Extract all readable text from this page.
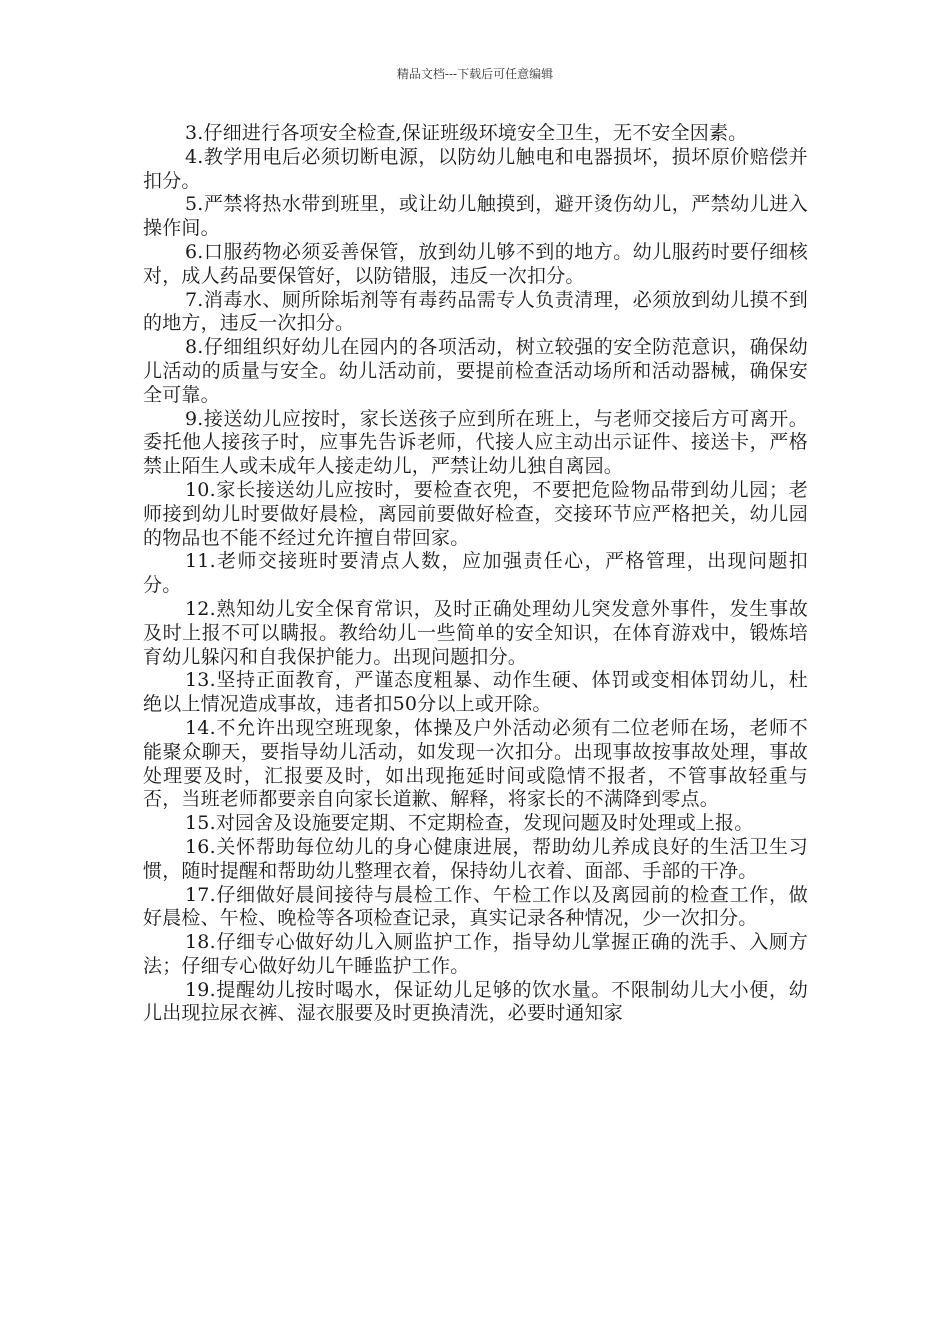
精品文档---下载后可任意编辑

3.仔细进行各项安全检查,保证班级环境安全卫生，无不安全因素。

4.教学用电后必须切断电源，以防幼儿触电和电器损坏，损坏原价赔偿并扣分。

5.严禁将热水带到班里，或让幼儿触摸到，避开烫伤幼儿，严禁幼儿进入操作间。

6.口服药物必须妥善保管，放到幼儿够不到的地方。幼儿服药时要仔细核对，成人药品要保管好，以防错服，违反一次扣分。

7.消毒水、厕所除垢剂等有毒药品需专人负责清理，必须放到幼儿摸不到的地方，违反一次扣分。

8.仔细组织好幼儿在园内的各项活动，树立较强的安全防范意识，确保幼儿活动的质量与安全。幼儿活动前，要提前检查活动场所和活动器械，确保安全可靠。

9.接送幼儿应按时，家长送孩子应到所在班上，与老师交接后方可离开。委托他人接孩子时，应事先告诉老师，代接人应主动出示证件、接送卡，严格禁止陌生人或未成年人接走幼儿，严禁让幼儿独自离园。

10.家长接送幼儿应按时，要检查衣兜，不要把危险物品带到幼儿园；老师接到幼儿时要做好晨检，离园前要做好检查，交接环节应严格把关，幼儿园的物品也不能不经过允许擅自带回家。

11.老师交接班时要清点人数，应加强责任心，严格管理，出现问题扣分。

12.熟知幼儿安全保育常识，及时正确处理幼儿突发意外事件，发生事故及时上报不可以瞒报。教给幼儿一些简单的安全知识，在体育游戏中，锻炼培育幼儿躲闪和自我保护能力。出现问题扣分。

13.坚持正面教育，严谨态度粗暴、动作生硬、体罚或变相体罚幼儿，杜绝以上情况造成事故，违者扣50分以上或开除。

14.不允许出现空班现象，体操及户外活动必须有二位老师在场，老师不能聚众聊天，要指导幼儿活动，如发现一次扣分。出现事故按事故处理，事故处理要及时，汇报要及时，如出现拖延时间或隐情不报者，不管事故轻重与否，当班老师都要亲自向家长道歉、解释，将家长的不满降到零点。

15.对园舍及设施要定期、不定期检查，发现问题及时处理或上报。

16.关怀帮助每位幼儿的身心健康进展，帮助幼儿养成良好的生活卫生习惯，随时提醒和帮助幼儿整理衣着，保持幼儿衣着、面部、手部的干净。

17.仔细做好晨间接待与晨检工作、午检工作以及离园前的检查工作，做好晨检、午检、晚检等各项检查记录，真实记录各种情况，少一次扣分。

18.仔细专心做好幼儿入厕监护工作，指导幼儿掌握正确的洗手、入厕方法；仔细专心做好幼儿午睡监护工作。

19.提醒幼儿按时喝水，保证幼儿足够的饮水量。不限制幼儿大小便，幼儿出现拉尿衣裤、湿衣服要及时更换清洗，必要时通知家
